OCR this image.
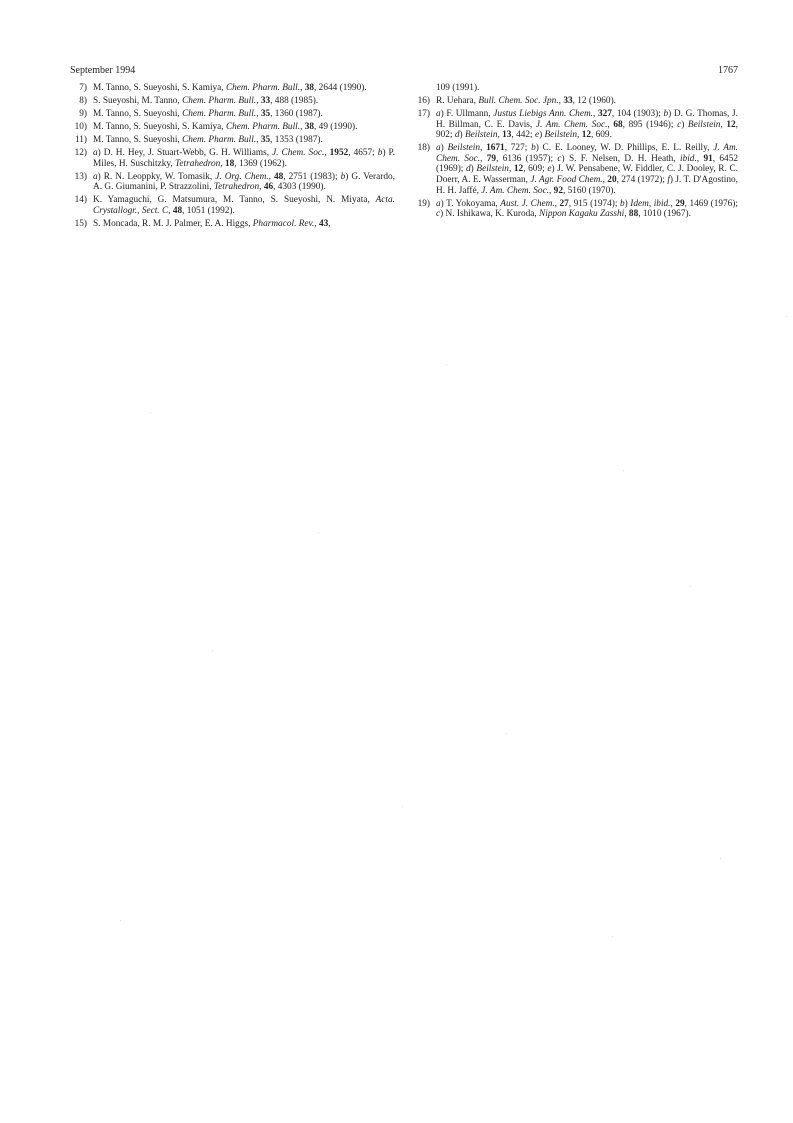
September 1994	1767
7) M. Tanno, S. Sueyoshi, S. Kamiya, Chem. Pharm. Bull., 38, 2644 (1990).
8) S. Sueyoshi, M. Tanno, Chem. Pharm. Bull., 33, 488 (1985).
9) M. Tanno, S. Sueyoshi, Chem. Pharm. Bull., 35, 1360 (1987).
10) M. Tanno, S. Sueyoshi, S. Kamiya, Chem. Pharm. Bull., 38, 49 (1990).
11) M. Tanno, S. Sueyoshi, Chem. Pharm. Bull., 35, 1353 (1987).
12) a) D. H. Hey, J. Stuart-Webb, G. H. Williams, J. Chem. Soc., 1952, 4657; b) P. Miles, H. Suschitzky, Tetrahedron, 18, 1369 (1962).
13) a) R. N. Leoppky, W. Tomasik, J. Org. Chem., 48, 2751 (1983); b) G. Verardo, A. G. Giumanini, P. Strazzolini, Tetrahedron, 46, 4303 (1990).
14) K. Yamaguchi, G. Matsumura, M. Tanno, S. Sueyoshi, N. Miyata, Acta. Crystallogr., Sect. C, 48, 1051 (1992).
15) S. Moncada, R. M. J. Palmer, E. A. Higgs, Pharmacol. Rev., 43,
109 (1991).
16) R. Uehara, Bull. Chem. Soc. Jpn., 33, 12 (1960).
17) a) F. Ullmann, Justus Liebigs Ann. Chem., 327, 104 (1903); b) D. G. Thomas, J. H. Billman, C. E. Davis, J. Am. Chem. Soc., 68, 895 (1946); c) Beilstein, 12, 902; d) Beilstein, 13, 442; e) Beilstein, 12, 609.
18) a) Beilstein, 1671, 727; b) C. E. Looney, W. D. Phillips, E. L. Reilly, J. Am. Chem. Soc., 79, 6136 (1957); c) S. F. Nelsen, D. H. Heath, ibid., 91, 6452 (1969); d) Beilstein, 12, 609; e) J. W. Pensabene, W. Fiddler, C. J. Dooley, R. C. Doerr, A. E. Wasserman, J. Agr. Food Chem., 20, 274 (1972); f) J. T. D'Agostino, H. H. Jaffé, J. Am. Chem. Soc., 92, 5160 (1970).
19) a) T. Yokoyama, Aust. J. Chem., 27, 915 (1974); b) Idem, ibid., 29, 1469 (1976); c) N. Ishikawa, K. Kuroda, Nippon Kagaku Zasshi, 88, 1010 (1967).
